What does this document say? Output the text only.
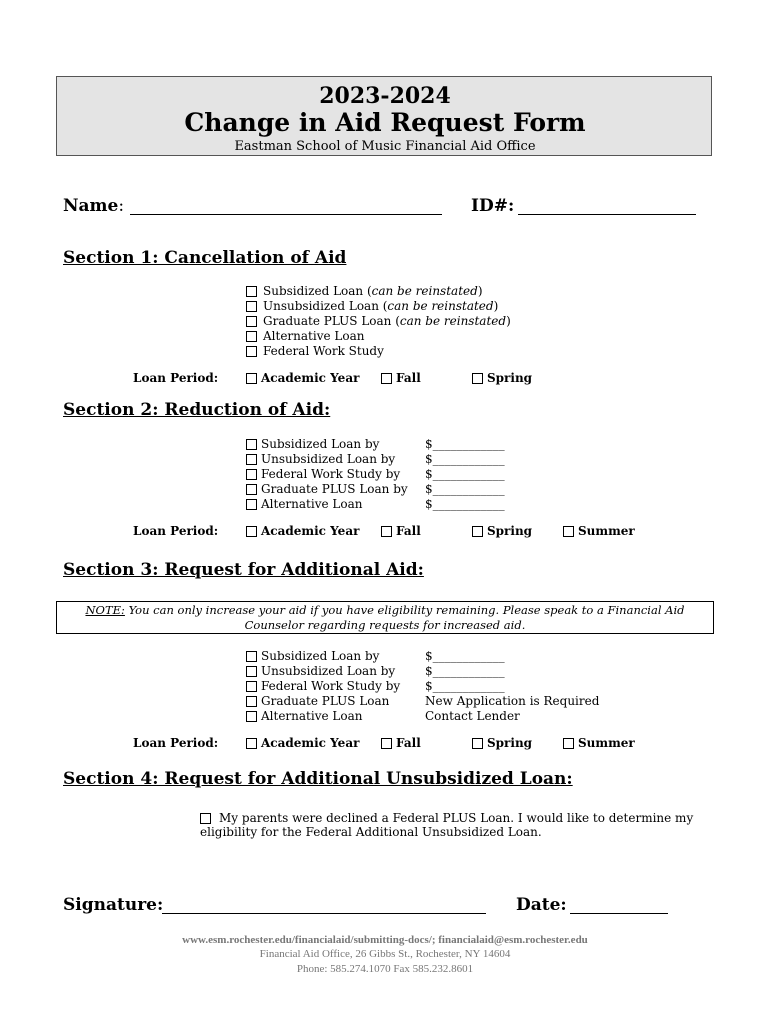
2023-2024
Change in Aid Request Form
Eastman School of Music Financial Aid Office
Name:	ID#:
Section 1: Cancellation of Aid
Subsidized Loan ( can be reinstated )
Unsubsidized Loan ( can be reinstated )
Graduate PLUS Loan ( can be reinstated )
Alternative Loan
Federal Work Study
Loan Period:	Academic Year	Fall	Spring
Section 2: Reduction of Aid:
Subsidized Loan by	$____________
Unsubsidized Loan by $____________
Federal Work Study by $____________
Graduate PLUS Loan by $____________
Alternative Loan	$____________
Loan Period:	Academic Year	Fall	Spring	Summer
Section 3: Request for Additional Aid:
NOTE: You can only increase your aid if you have eligibility remaining. Please speak to a Financial Aid
Counselor regarding requests for increased aid.
Subsidized Loan by	$____________
Unsubsidized Loan by $____________
Federal Work Study by $____________
Graduate PLUS Loan	New Application is Required
Alternative Loan	Contact Lender
Loan Period:	Academic Year	Fall	Spring	Summer
Section 4: Request for Additional Unsubsidized Loan:
My parents were declined a Federal PLUS Loan. I would like to determine my
eligibility for the Federal Additional Unsubsidized Loan.
Signature:	Date:
www.esm.rochester.edu/financialaid/submitting-docs/; financialaid@esm.rochester.edu
Financial Aid Office, 26 Gibbs St., Rochester, NY 14604
Phone: 585.274.1070 Fax 585.232.8601
